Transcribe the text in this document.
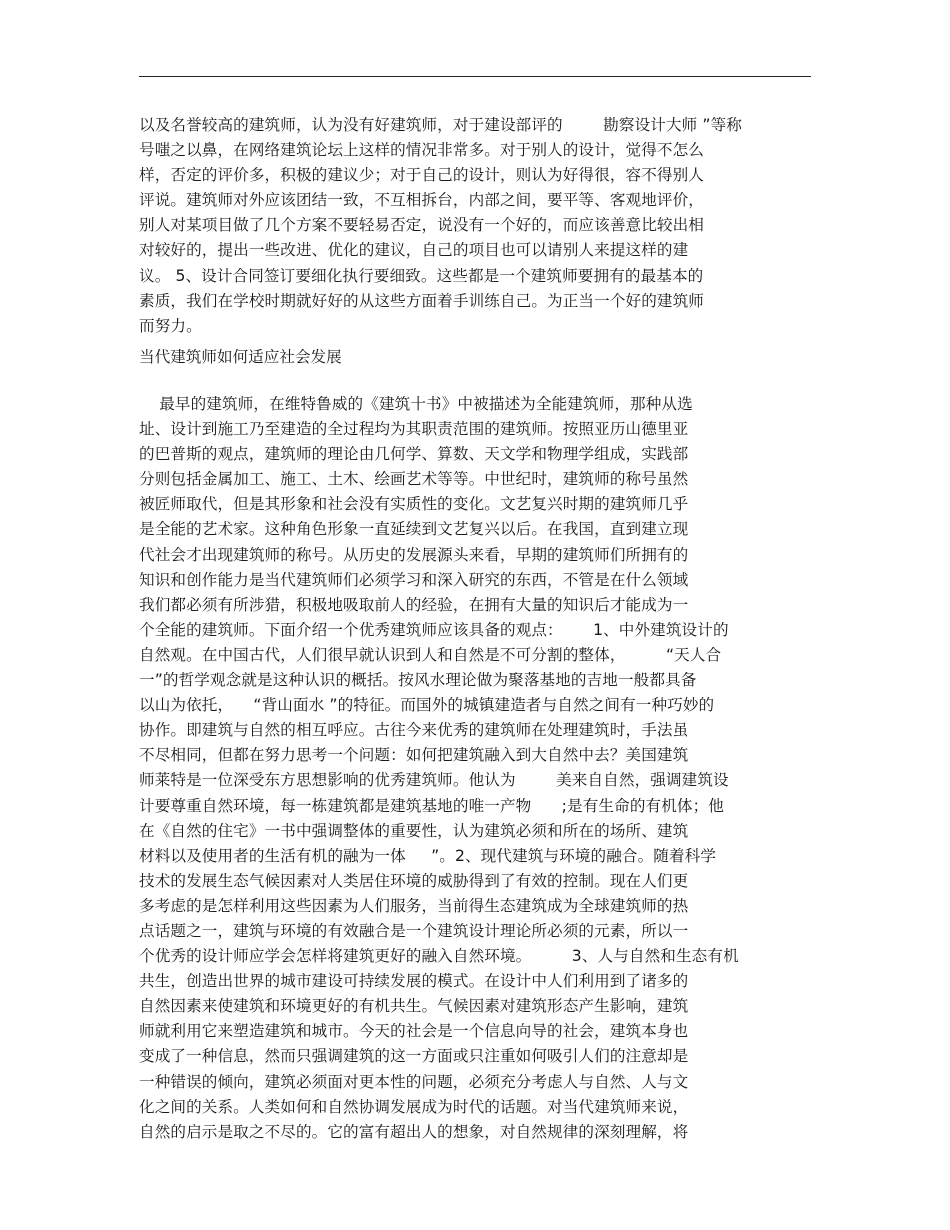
以及名誉较高的建筑师，认为没有好建筑师，对于建设部评的        勘察设计大师 ”等称
号嗤之以鼻，在网络建筑论坛上这样的情况非常多。对于别人的设计，觉得不怎么
样，否定的评价多，积极的建议少；对于自己的设计，则认为好得很，容不得别人
评说。建筑师对外应该团结一致，不互相拆台，内部之间，要平等、客观地评价，
别人对某项目做了几个方案不要轻易否定，说没有一个好的，而应该善意比较出相
对较好的，提出一些改进、优化的建议，自己的项目也可以请别人来提这样的建
议。 5、设计合同签订要细化执行要细致。这些都是一个建筑师要拥有的最基本的
素质，我们在学校时期就好好的从这些方面着手训练自己。为正当一个好的建筑师
而努力。
当代建筑师如何适应社会发展
最早的建筑师，在维特鲁威的《建筑十书》中被描述为全能建筑师，那种从选
址、设计到施工乃至建造的全过程均为其职责范围的建筑师。按照亚历山德里亚
的巴普斯的观点，建筑师的理论由几何学、算数、天文学和物理学组成，实践部
分则包括金属加工、施工、土木、绘画艺术等等。中世纪时，建筑师的称号虽然
被匠师取代，但是其形象和社会没有实质性的变化。文艺复兴时期的建筑师几乎
是全能的艺术家。这种角色形象一直延续到文艺复兴以后。在我国，直到建立现
代社会才出现建筑师的称号。从历史的发展源头来看，早期的建筑师们所拥有的
知识和创作能力是当代建筑师们必须学习和深入研究的东西，不管是在什么领域
我们都必须有所涉猎，积极地吸取前人的经验，在拥有大量的知识后才能成为一
个全能的建筑师。下面介绍一个优秀建筑师应该具备的观点：      1、中外建筑设计的
自然观。在中国古代，人们很早就认识到人和自然是不可分割的整体，        “天人合
一”的哲学观念就是这种认识的概括。按风水理论做为聚落基地的吉地一般都具备
以山为依托，    “背山面水 ”的特征。而国外的城镇建造者与自然之间有一种巧妙的
协作。即建筑与自然的相互呼应。古往今来优秀的建筑师在处理建筑时，手法虽
不尽相同，但都在努力思考一个问题：如何把建筑融入到大自然中去？美国建筑
师莱特是一位深受东方思想影响的优秀建筑师。他认为        美来自自然，强调建筑设
计要尊重自然环境，每一栋建筑都是建筑基地的唯一产物      ;是有生命的有机体；他
在《自然的住宅》一书中强调整体的重要性，认为建筑必须和所在的场所、建筑
材料以及使用者的生活有机的融为一体     ”。2、现代建筑与环境的融合。随着科学
技术的发展生态气候因素对人类居住环境的威胁得到了有效的控制。现在人们更
多考虑的是怎样利用这些因素为人们服务，当前得生态建筑成为全球建筑师的热
点话题之一，建筑与环境的有效融合是一个建筑设计理论所必须的元素，所以一
个优秀的设计师应学会怎样将建筑更好的融入自然环境。        3、人与自然和生态有机
共生，创造出世界的城市建设可持续发展的模式。在设计中人们利用到了诸多的
自然因素来使建筑和环境更好的有机共生。气候因素对建筑形态产生影响，建筑
师就利用它来塑造建筑和城市。今天的社会是一个信息向导的社会，建筑本身也
变成了一种信息，然而只强调建筑的这一方面或只注重如何吸引人们的注意却是
一种错误的倾向，建筑必须面对更本性的问题，必须充分考虑人与自然、人与文
化之间的关系。人类如何和自然协调发展成为时代的话题。对当代建筑师来说，
自然的启示是取之不尽的。它的富有超出人的想象，对自然规律的深刻理解，将
